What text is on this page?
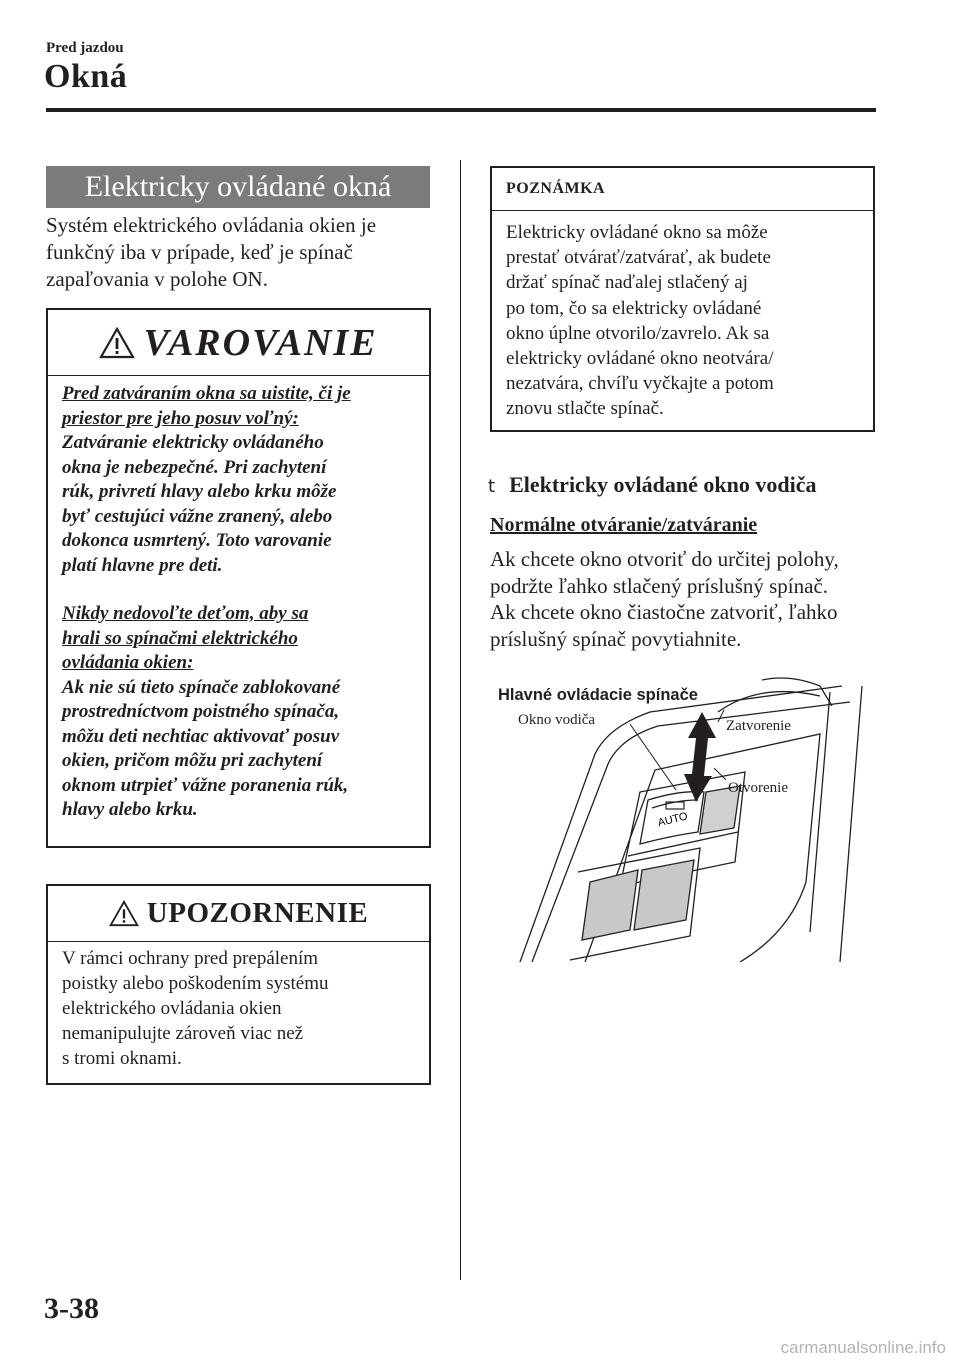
Pred jazdou
Okná
Elektricky ovládané okná
Systém elektrického ovládania okien je funkčný iba v prípade, keď je spínač zapaľovania v polohe ON.
VAROVANIE
Pred zatváraním okna sa uistite, či je
priestor pre jeho posuv voľný:
Zatváranie elektricky ovládaného
okna je nebezpečné. Pri zachytení
rúk, privretí hlavy alebo krku môže
byť cestujúci vážne zranený, alebo
dokonca usmrtený. Toto varovanie
platí hlavne pre deti.
Nikdy nedovoľte deťom, aby sa
hrali so spínačmi elektrického
ovládania okien:
Ak nie sú tieto spínače zablokované
prostredníctvom poistného spínača,
môžu deti nechtiac aktivovať posuv
okien, pričom môžu pri zachytení
oknom utrpieť vážne poranenia rúk,
hlavy alebo krku.
UPOZORNENIE
V rámci ochrany pred prepálením
poistky alebo poškodením systému
elektrického ovládania okien
nemanipulujte zároveň viac než
s tromi oknami.
POZNÁMKA
Elektricky ovládané okno sa môže
prestať otvárať/zatvárať, ak budete
držať spínač naďalej stlačený aj
po tom, čo sa elektricky ovládané
okno úplne otvorilo/zavrelo. Ak sa
elektricky ovládané okno neotvára/
nezatvára, chvíľu vyčkajte a potom
znovu stlačte spínač.
t Elektricky ovládané okno vodiča
Normálne otváranie/zatváranie
Ak chcete okno otvoriť do určitej polohy,
podržte ľahko stlačený príslušný spínač.
Ak chcete okno čiastočne zatvoriť, ľahko
príslušný spínač povytiahnite.
AUTO
Hlavné ovládacie spínače
Okno vodiča	Zatvorenie
Otvorenie
3-38
carmanualsonline.info
